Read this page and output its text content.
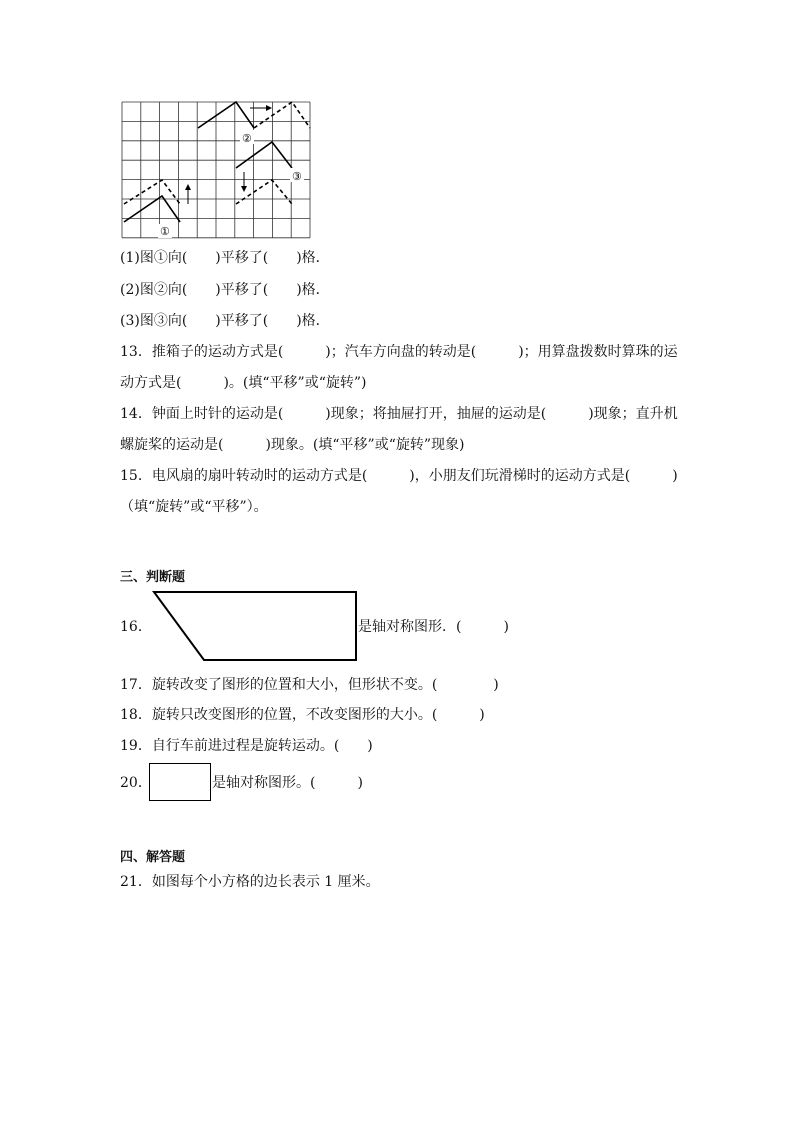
①
②
③
(1)图①向(　　)平移了(　　)格．
(2)图②向(　　)平移了(　　)格．
(3)图③向(　　)平移了(　　)格．
13．推箱子的运动方式是(　　　)；汽车方向盘的转动是(　　　)；用算盘拨数时算珠的运
动方式是(　　　)。(填“平移”或“旋转”)
14．钟面上时针的运动是(　　　)现象；将抽屉打开，抽屉的运动是(　　　)现象；直升机
螺旋桨的运动是(　　　)现象。(填“平移”或“旋转”现象)
15．电风扇的扇叶转动时的运动方式是(　　　)，小朋友们玩滑梯时的运动方式是(　　　)
（填“旋转”或“平移”）。
三、判断题
16．	是轴对称图形．(　　　)
17．旋转改变了图形的位置和大小，但形状不变。(　　　　)
18．旋转只改变图形的位置，不改变图形的大小。(　　　)
19．自行车前进过程是旋转运动。(　　)
20．	是轴对称图形。(　　　)
四、解答题
21．如图每个小方格的边长表示 1 厘米。
